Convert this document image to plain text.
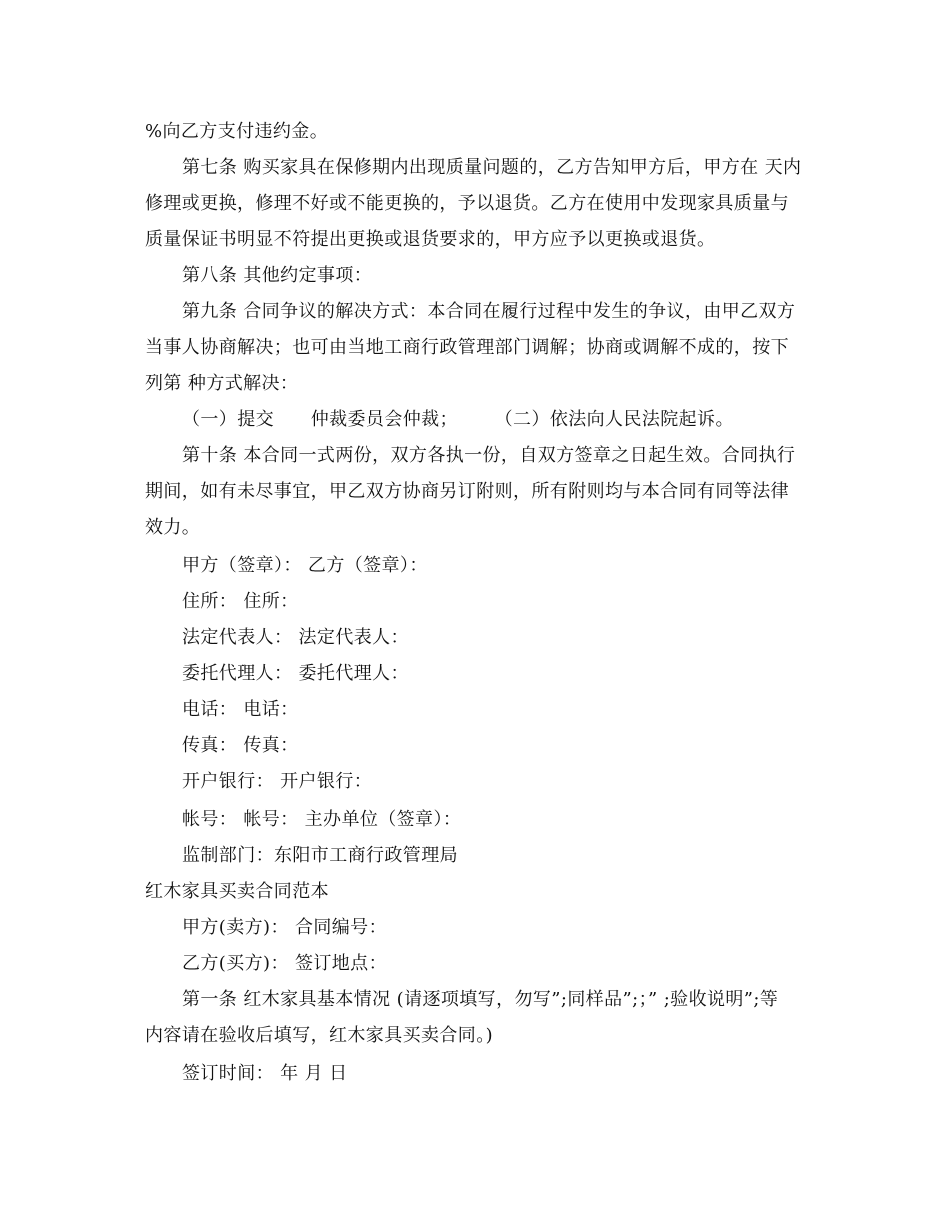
%向乙方支付违约金。
第七条 购买家具在保修期内出现质量问题的，乙方告知甲方后，甲方在 天内
修理或更换，修理不好或不能更换的，予以退货。乙方在使用中发现家具质量与
质量保证书明显不符提出更换或退货要求的，甲方应予以更换或退货。
第八条 其他约定事项：
第九条 合同争议的解决方式：本合同在履行过程中发生的争议，由甲乙双方
当事人协商解决；也可由当地工商行政管理部门调解；协商或调解不成的，按下
列第 种方式解决：
（一）提交      仲裁委员会仲裁；      （二）依法向人民法院起诉。
第十条 本合同一式两份，双方各执一份，自双方签章之日起生效。合同执行
期间，如有未尽事宜，甲乙双方协商另订附则，所有附则均与本合同有同等法律
效力。
甲方（签章）： 乙方（签章）：
住所： 住所：
法定代表人： 法定代表人：
委托代理人： 委托代理人：
电话： 电话：
传真： 传真：
开户银行： 开户银行：
帐号： 帐号： 主办单位（签章）：
监制部门：东阳市工商行政管理局
红木家具买卖合同范本
甲方(卖方)： 合同编号：
乙方(买方)： 签订地点：
第一条 红木家具基本情况 (请逐项填写，勿写”;同样品”;；” ;验收说明”;等
内容请在验收后填写，红木家具买卖合同。)
签订时间： 年 月 日
